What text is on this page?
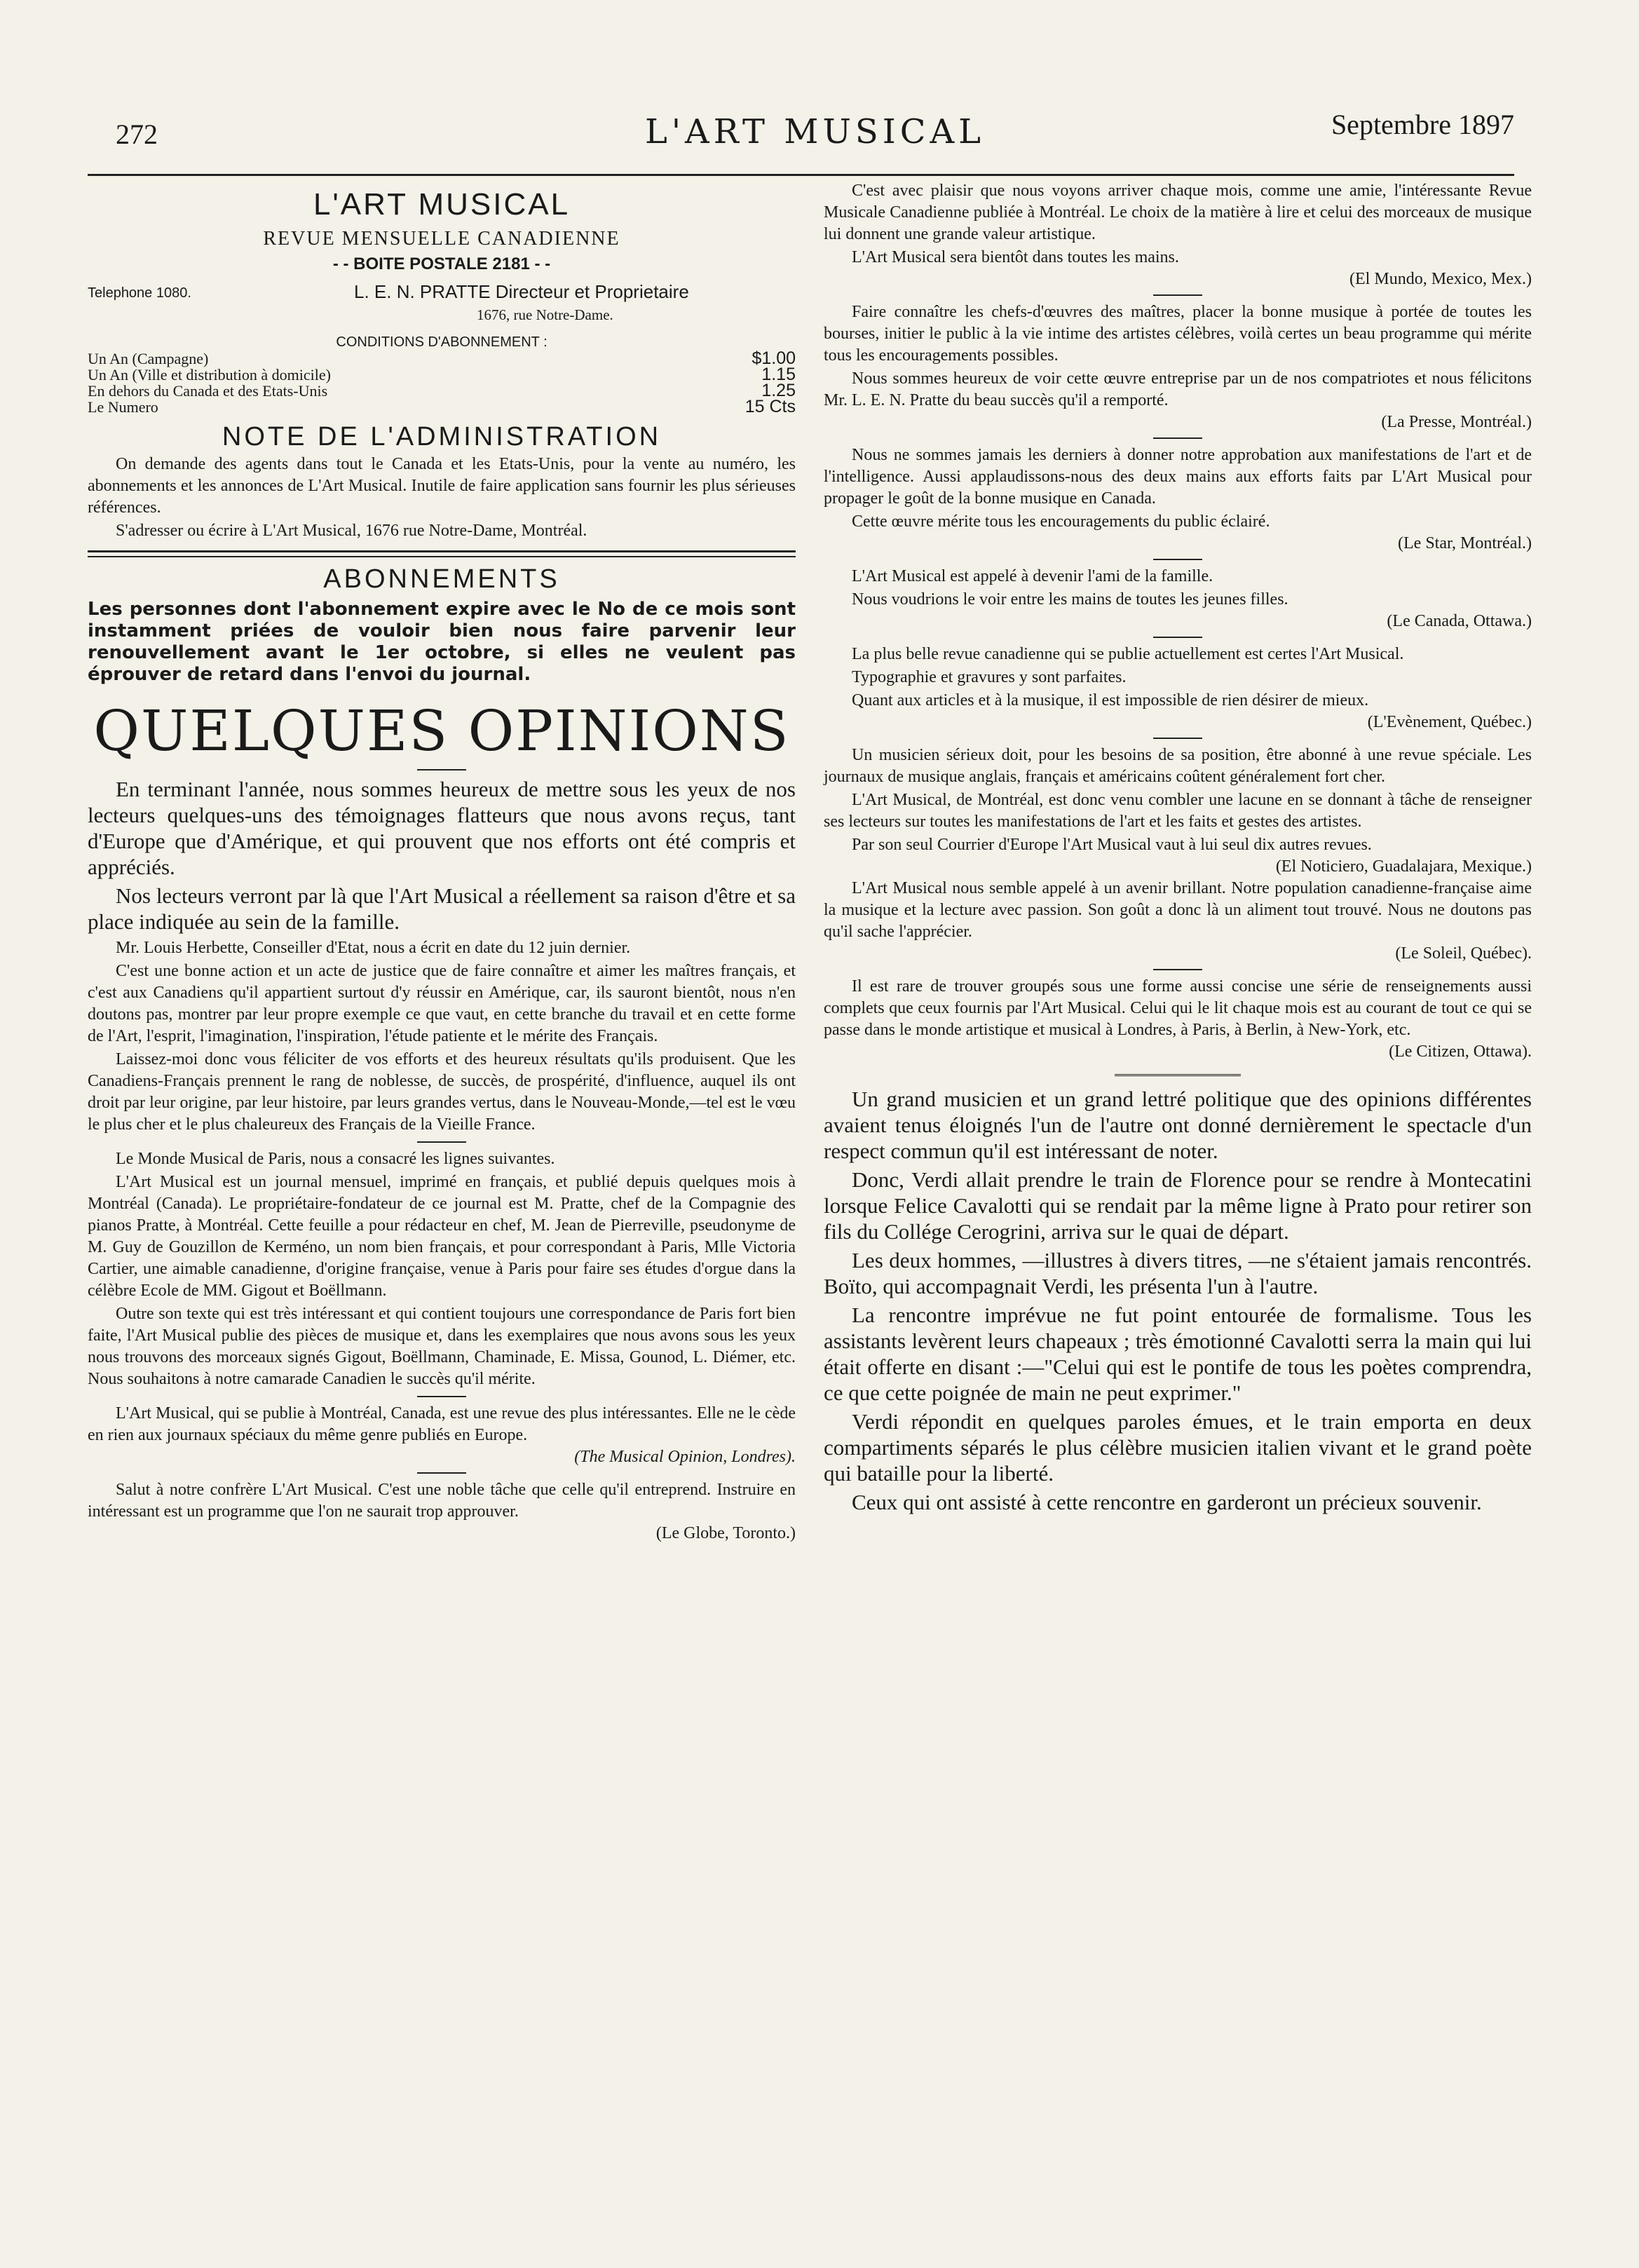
272	L'ART MUSICAL	Septembre 1897
L'ART MUSICAL
REVUE MENSUELLE CANADIENNE
- - BOITE POSTALE 2181 - -
Telephone 1080.	L. E. N. PRATTE Directeur et Proprietaire
1676, rue Notre-Dame.
CONDITIONS D'ABONNEMENT :
Un An (Campagne)	$1.00
Un An (Ville et distribution à domicile)	1.15
En dehors du Canada et des Etats-Unis	1.25
Le Numero	15 Cts
NOTE DE L'ADMINISTRATION

On demande des agents dans tout le Canada et les Etats-Unis, pour la vente au numéro, les abonnements et les annonces de L'Art Musical. Inutile de faire application sans fournir les plus sérieuses références.

S'adresser ou écrire à L'Art Musical, 1676 rue Notre-Dame, Montréal.

ABONNEMENTS
Les personnes dont l'abonnement expire avec le No de ce mois sont instamment priées de vouloir bien nous faire parvenir leur renouvellement avant le 1er octobre, si elles ne veulent pas éprouver de retard dans l'envoi du journal.
QUELQUES OPINIONS

En terminant l'année, nous sommes heureux de mettre sous les yeux de nos lecteurs quelques-uns des témoignages flatteurs que nous avons reçus, tant d'Europe que d'Amérique, et qui prouvent que nos efforts ont été compris et appréciés.

Nos lecteurs verront par là que l'Art Musical a réellement sa raison d'être et sa place indiquée au sein de la famille.

Mr. Louis Herbette, Conseiller d'Etat, nous a écrit en date du 12 juin dernier.

C'est une bonne action et un acte de justice que de faire connaître et aimer les maîtres français, et c'est aux Canadiens qu'il appartient surtout d'y réussir en Amérique, car, ils sauront bientôt, nous n'en doutons pas, montrer par leur propre exemple ce que vaut, en cette branche du travail et en cette forme de l'Art, l'esprit, l'imagination, l'inspiration, l'étude patiente et le mérite des Français.

Laissez-moi donc vous féliciter de vos efforts et des heureux résultats qu'ils produisent. Que les Canadiens-Français prennent le rang de noblesse, de succès, de prospérité, d'influence, auquel ils ont droit par leur origine, par leur histoire, par leurs grandes vertus, dans le Nouveau-Monde,—tel est le vœu le plus cher et le plus chaleureux des Français de la Vieille France.

Le Monde Musical de Paris, nous a consacré les lignes suivantes.

L'Art Musical est un journal mensuel, imprimé en français, et publié depuis quelques mois à Montréal (Canada). Le propriétaire-fondateur de ce journal est M. Pratte, chef de la Compagnie des pianos Pratte, à Montréal. Cette feuille a pour rédacteur en chef, M. Jean de Pierreville, pseudonyme de M. Guy de Gouzillon de Kerméno, un nom bien français, et pour correspondant à Paris, Mlle Victoria Cartier, une aimable canadienne, d'origine française, venue à Paris pour faire ses études d'orgue dans la célèbre Ecole de MM. Gigout et Boëllmann.

Outre son texte qui est très intéressant et qui contient toujours une correspondance de Paris fort bien faite, l'Art Musical publie des pièces de musique et, dans les exemplaires que nous avons sous les yeux nous trouvons des morceaux signés Gigout, Boëllmann, Chaminade, E. Missa, Gounod, L. Diémer, etc. Nous souhaitons à notre camarade Canadien le succès qu'il mérite.

L'Art Musical, qui se publie à Montréal, Canada, est une revue des plus intéressantes. Elle ne le cède en rien aux journaux spéciaux du même genre publiés en Europe.

(The Musical Opinion, Londres).

Salut à notre confrère L'Art Musical. C'est une noble tâche que celle qu'il entreprend. Instruire en intéressant est un programme que l'on ne saurait trop approuver.

(Le Globe, Toronto.)

C'est avec plaisir que nous voyons arriver chaque mois, comme une amie, l'intéressante Revue Musicale Canadienne publiée à Montréal. Le choix de la matière à lire et celui des morceaux de musique lui donnent une grande valeur artistique.

L'Art Musical sera bientôt dans toutes les mains.

(El Mundo, Mexico, Mex.)

Faire connaître les chefs-d'œuvres des maîtres, placer la bonne musique à portée de toutes les bourses, initier le public à la vie intime des artistes célèbres, voilà certes un beau programme qui mérite tous les encouragements possibles.

Nous sommes heureux de voir cette œuvre entreprise par un de nos compatriotes et nous félicitons Mr. L. E. N. Pratte du beau succès qu'il a remporté.

(La Presse, Montréal.)

Nous ne sommes jamais les derniers à donner notre approbation aux manifestations de l'art et de l'intelligence. Aussi applaudissons-nous des deux mains aux efforts faits par L'Art Musical pour propager le goût de la bonne musique en Canada.

Cette œuvre mérite tous les encouragements du public éclairé.

(Le Star, Montréal.)

L'Art Musical est appelé à devenir l'ami de la famille.

Nous voudrions le voir entre les mains de toutes les jeunes filles.

(Le Canada, Ottawa.)

La plus belle revue canadienne qui se publie actuellement est certes l'Art Musical.

Typographie et gravures y sont parfaites.

Quant aux articles et à la musique, il est impossible de rien désirer de mieux.

(L'Evènement, Québec.)

Un musicien sérieux doit, pour les besoins de sa position, être abonné à une revue spéciale. Les journaux de musique anglais, français et américains coûtent généralement fort cher.

L'Art Musical, de Montréal, est donc venu combler une lacune en se donnant à tâche de renseigner ses lecteurs sur toutes les manifestations de l'art et les faits et gestes des artistes.

Par son seul Courrier d'Europe l'Art Musical vaut à lui seul dix autres revues.

(El Noticiero, Guadalajara, Mexique.)

L'Art Musical nous semble appelé à un avenir brillant. Notre population canadienne-française aime la musique et la lecture avec passion. Son goût a donc là un aliment tout trouvé. Nous ne doutons pas qu'il sache l'apprécier.

(Le Soleil, Québec).

Il est rare de trouver groupés sous une forme aussi concise une série de renseignements aussi complets que ceux fournis par l'Art Musical. Celui qui le lit chaque mois est au courant de tout ce qui se passe dans le monde artistique et musical à Londres, à Paris, à Berlin, à New-York, etc.

(Le Citizen, Ottawa).

Un grand musicien et un grand lettré politique que des opinions différentes avaient tenus éloignés l'un de l'autre ont donné dernièrement le spectacle d'un respect commun qu'il est intéressant de noter.

Donc, Verdi allait prendre le train de Florence pour se rendre à Montecatini lorsque Felice Cavalotti qui se rendait par la même ligne à Prato pour retirer son fils du Collége Cerogrini, arriva sur le quai de départ.

Les deux hommes, —illustres à divers titres, —ne s'étaient jamais rencontrés. Boïto, qui accompagnait Verdi, les présenta l'un à l'autre.

La rencontre imprévue ne fut point entourée de formalisme. Tous les assistants levèrent leurs chapeaux ; très émotionné Cavalotti serra la main qui lui était offerte en disant :—"Celui qui est le pontife de tous les poètes comprendra, ce que cette poignée de main ne peut exprimer."

Verdi répondit en quelques paroles émues, et le train emporta en deux compartiments séparés le plus célèbre musicien italien vivant et le grand poète qui bataille pour la liberté.

Ceux qui ont assisté à cette rencontre en garderont un précieux souvenir.
